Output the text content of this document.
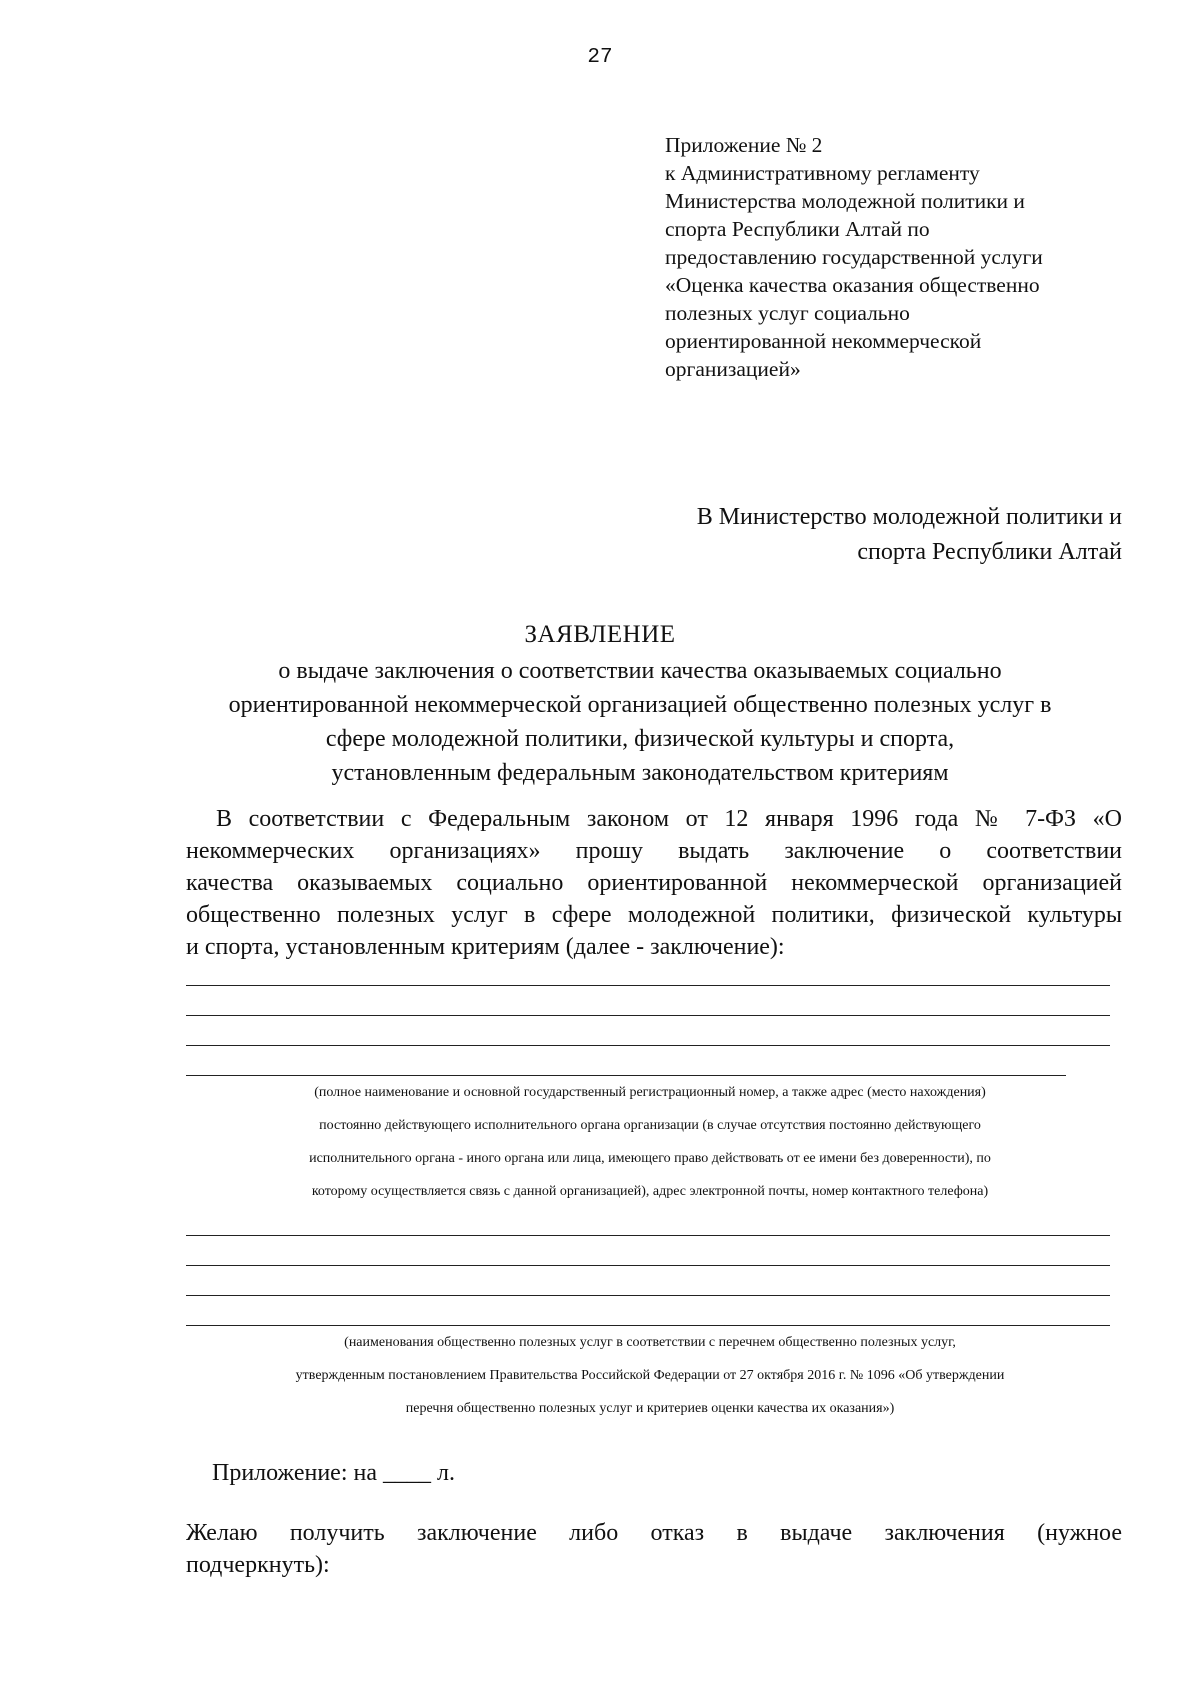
27
Приложение № 2
к Административному регламенту
Министерства молодежной политики и
спорта Республики Алтай по
предоставлению государственной услуги
«Оценка качества оказания общественно
полезных услуг социально
ориентированной некоммерческой
организацией»
В Министерство молодежной политики и
спорта Республики Алтай
ЗАЯВЛЕНИЕ
о выдаче заключения о соответствии качества оказываемых социально
ориентированной некоммерческой организацией общественно полезных услуг в
сфере молодежной политики, физической культуры и спорта,
установленным федеральным законодательством критериям
В соответствии с Федеральным законом от 12 января 1996 года № 7-ФЗ «О
некоммерческих организациях» прошу выдать заключение о соответствии
качества оказываемых социально ориентированной некоммерческой организацией
общественно полезных услуг в сфере молодежной политики, физической культуры
и спорта, установленным критериям (далее - заключение):
(полное наименование и основной государственный регистрационный номер, а также адрес (место нахождения)
постоянно действующего исполнительного органа организации (в случае отсутствия постоянно действующего
исполнительного органа - иного органа или лица, имеющего право действовать от ее имени без доверенности), по
которому осуществляется связь с данной организацией), адрес электронной почты, номер контактного телефона)
(наименования общественно полезных услуг в соответствии с перечнем общественно полезных услуг,
утвержденным постановлением Правительства Российской Федерации от 27 октября 2016 г. № 1096 «Об утверждении
перечня общественно полезных услуг и критериев оценки качества их оказания»)
Приложение: на ____ л.
Желаю получить заключение либо отказ в выдаче заключения (нужное
подчеркнуть):
